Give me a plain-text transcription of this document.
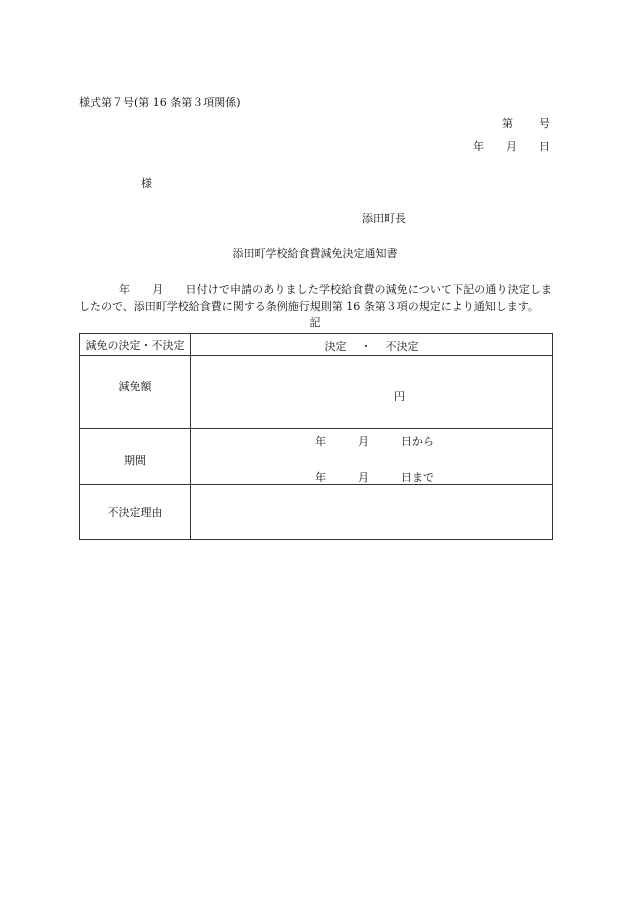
様式第７号(第 16 条第３項関係)
第 号
年 月 日
様
添田町長
添田町学校給食費減免決定通知書

年 月 日付けで申請のありました学校給食費の減免について下記の通り決定しましたので、添田町学校給食費に関する条例施行規則第 16 条第３項の規定により通知します。

記
減免の決定・不決定	決定 ・ 不決定

減免額	円

期間	年 月 日から
年 月 日まで

不決定理由	
